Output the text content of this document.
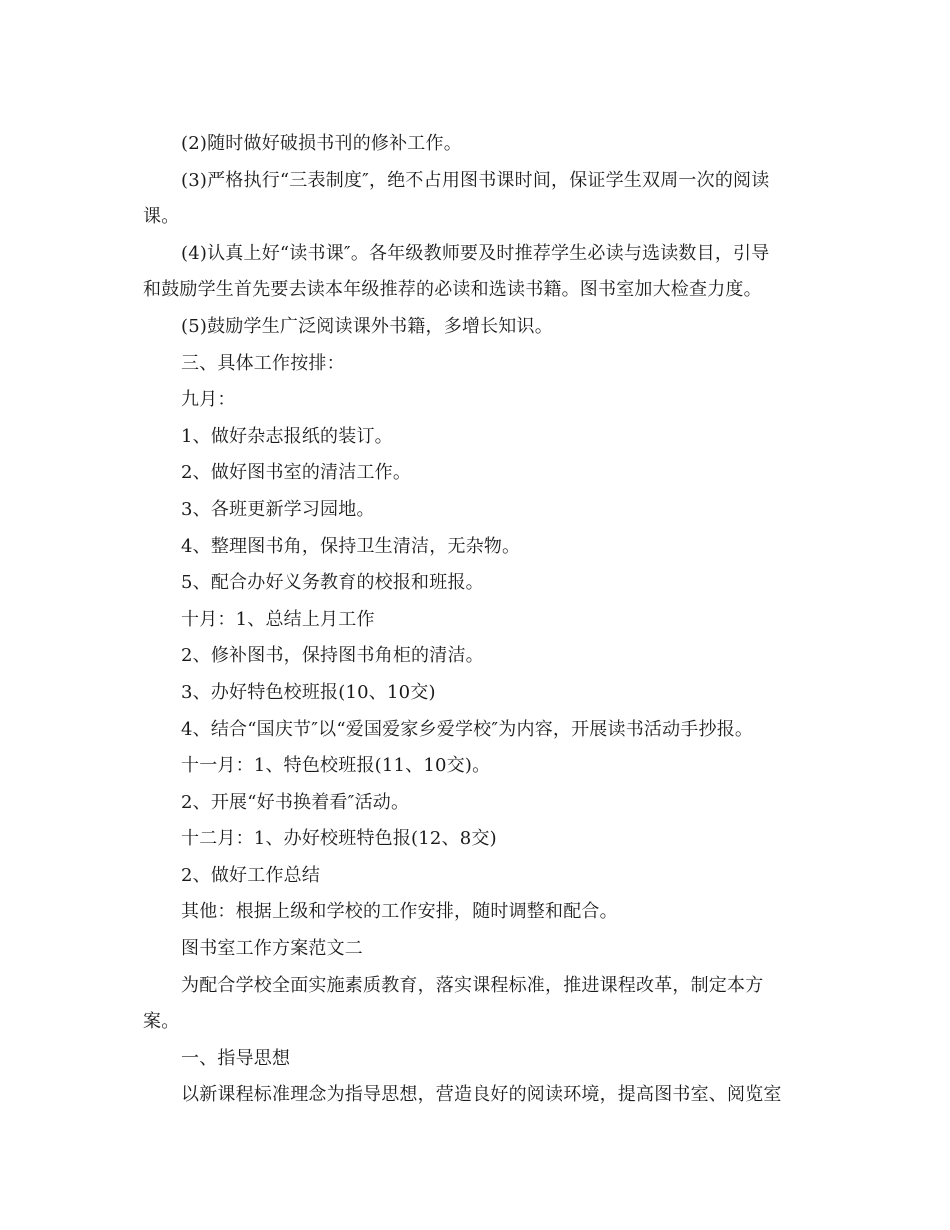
(2)随时做好破损书刊的修补工作。
(3)严格执行“三表制度″，绝不占用图书课时间，保证学生双周一次的阅读
课。
(4)认真上好“读书课″。各年级教师要及时推荐学生必读与选读数目，引导
和鼓励学生首先要去读本年级推荐的必读和选读书籍。图书室加大检查力度。
(5)鼓励学生广泛阅读课外书籍，多增长知识。
三、具体工作按排：
九月：
1、做好杂志报纸的装订。
2、做好图书室的清洁工作。
3、各班更新学习园地。
4、整理图书角，保持卫生清洁，无杂物。
5、配合办好义务教育的校报和班报。
十月：1、总结上月工作
2、修补图书，保持图书角柜的清洁。
3、办好特色校班报(10、10交)
4、结合“国庆节″以“爱国爱家乡爱学校″为内容，开展读书活动手抄报。
十一月：1、特色校班报(11、10交)。
2、开展“好书换着看″活动。
十二月：1、办好校班特色报(12、8交)
2、做好工作总结
其他：根据上级和学校的工作安排，随时调整和配合。
图书室工作方案范文二
为配合学校全面实施素质教育，落实课程标准，推进课程改革，制定本方
案。
一、指导思想
以新课程标准理念为指导思想，营造良好的阅读环境，提高图书室、阅览室
